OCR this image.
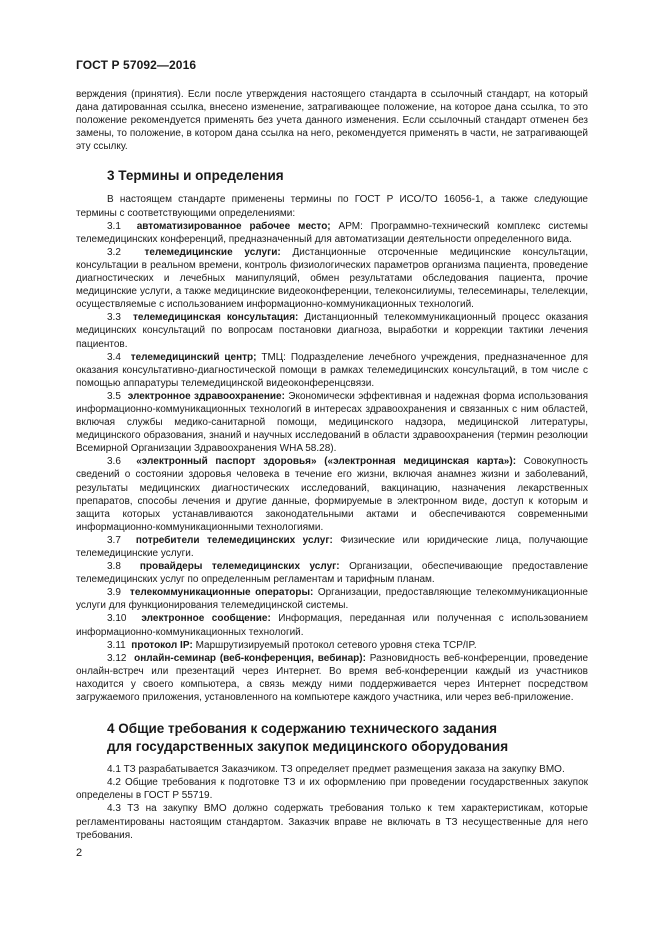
ГОСТ Р 57092—2016

верждения (принятия). Если после утверждения настоящего стандарта в ссылочный стандарт, на который дана датированная ссылка, внесено изменение, затрагивающее положение, на которое дана ссылка, то это положение рекомендуется применять без учета данного изменения. Если ссылочный стандарт отменен без замены, то положение, в котором дана ссылка на него, рекомендуется применять в части, не затрагивающей эту ссылку.

3 Термины и определения

В настоящем стандарте применены термины по ГОСТ Р ИСО/ТО 16056-1, а также следующие термины с соответствующими определениями:

3.1 автоматизированное рабочее место; АРМ: Программно-технический комплекс системы телемедицинских конференций, предназначенный для автоматизации деятельности определенного вида.

3.2 телемедицинские услуги: Дистанционные отсроченные медицинские консультации, консультации в реальном времени, контроль физиологических параметров организма пациента, проведение диагностических и лечебных манипуляций, обмен результатами обследования пациента, прочие медицинские услуги, а также медицинские видеоконференции, телеконсилиумы, телесеминары, телелекции, осуществляемые с использованием информационно-коммуникационных технологий.

3.3 телемедицинская консультация: Дистанционный телекоммуникационный процесс оказания медицинских консультаций по вопросам постановки диагноза, выработки и коррекции тактики лечения пациентов.

3.4 телемедицинский центр; ТМЦ: Подразделение лечебного учреждения, предназначенное для оказания консультативно-диагностической помощи в рамках телемедицинских консультаций, в том числе с помощью аппаратуры телемедицинской видеоконференцсвязи.

3.5 электронное здравоохранение: Экономически эффективная и надежная форма использования информационно-коммуникационных технологий в интересах здравоохранения и связанных с ним областей, включая службы медико-санитарной помощи, медицинского надзора, медицинской литературы, медицинского образования, знаний и научных исследований в области здравоохранения (термин резолюции Всемирной Организации Здравоохранения WHA 58.28).

3.6 «электронный паспорт здоровья» («электронная медицинская карта»): Совокупность сведений о состоянии здоровья человека в течение его жизни, включая анамнез жизни и заболеваний, результаты медицинских диагностических исследований, вакцинацию, назначения лекарственных препаратов, способы лечения и другие данные, формируемые в электронном виде, доступ к которым и защита которых устанавливаются законодательными актами и обеспечиваются современными информационно-коммуникационными технологиями.

3.7 потребители телемедицинских услуг: Физические или юридические лица, получающие телемедицинские услуги.

3.8 провайдеры телемедицинских услуг: Организации, обеспечивающие предоставление телемедицинских услуг по определенным регламентам и тарифным планам.

3.9 телекоммуникационные операторы: Организации, предоставляющие телекоммуникационные услуги для функционирования телемедицинской системы.

3.10 электронное сообщение: Информация, переданная или полученная с использованием информационно-коммуникационных технологий.

3.11 протокол IP: Маршрутизируемый протокол сетевого уровня стека TCP/IP.

3.12 онлайн-семинар (веб-конференция, вебинар): Разновидность веб-конференции, проведение онлайн-встреч или презентаций через Интернет. Во время веб-конференции каждый из участников находится у своего компьютера, а связь между ними поддерживается через Интернет посредством загружаемого приложения, установленного на компьютере каждого участника, или через веб-приложение.

4 Общие требования к содержанию технического задания
для государственных закупок медицинского оборудования

4.1 ТЗ разрабатывается Заказчиком. ТЗ определяет предмет размещения заказа на закупку ВМО.

4.2 Общие требования к подготовке ТЗ и их оформлению при проведении государственных закупок определены в ГОСТ Р 55719.

4.3 ТЗ на закупку ВМО должно содержать требования только к тем характеристикам, которые регламентированы настоящим стандартом. Заказчик вправе не включать в ТЗ несущественные для него требования.

2
